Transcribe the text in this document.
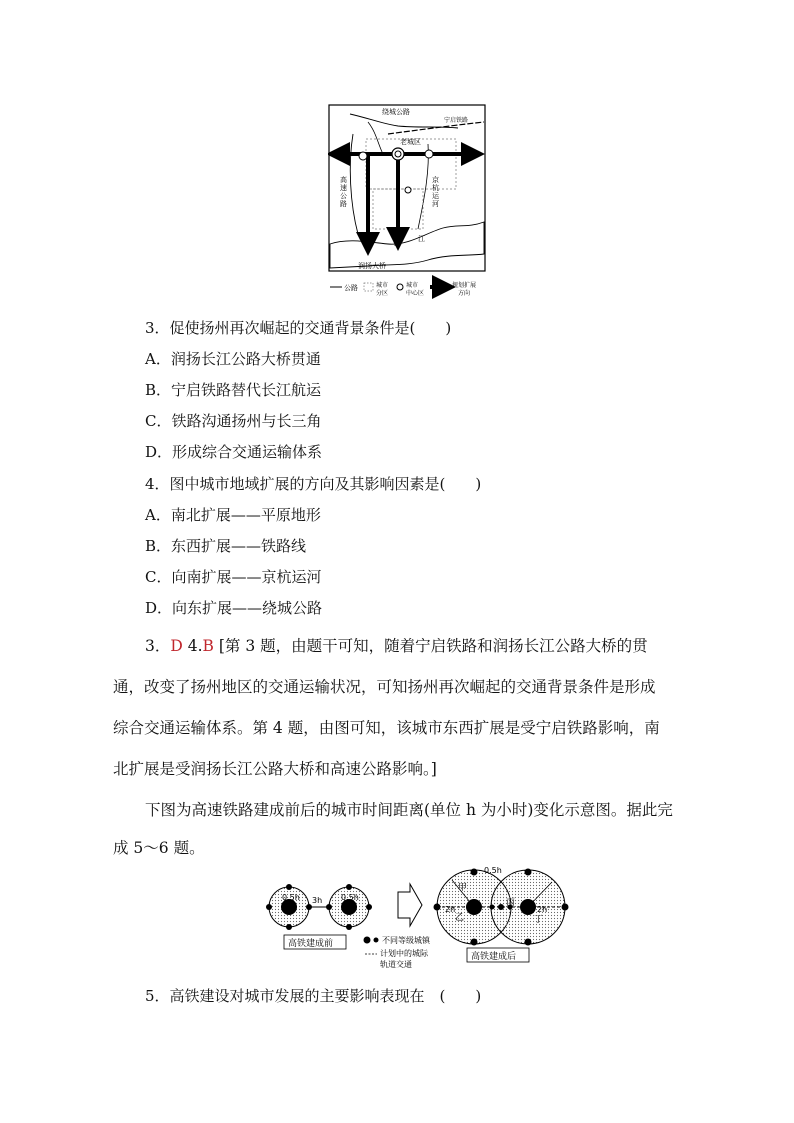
绕城公路
宁启铁路
老城区
高速公路
京杭运河
长	江
润扬大桥
公路	城市分区
城市中心区
规划扩展方向
3．促使扬州再次崛起的交通背景条件是(　　)
A．润扬长江公路大桥贯通
B．宁启铁路替代长江航运
C．铁路沟通扬州与长三角
D．形成综合交通运输体系
4．图中城市地域扩展的方向及其影响因素是(　　)
A．南北扩展——平原地形
B．东西扩展——铁路线
C．向南扩展——京杭运河
D．向东扩展——绕城公路
3．D 4.B [第 3 题，由题干可知，随着宁启铁路和润扬长江公路大桥的贯
通，改变了扬州地区的交通运输状况，可知扬州再次崛起的交通背景条件是形成
综合交通运输体系。第 4 题，由图可知，该城市东西扩展是受宁启铁路影响，南
北扩展是受润扬长江公路大桥和高速公路影响。]
下图为高速铁路建成前后的城市时间距离(单位 h 为小时)变化示意图。据此完
成 5～6 题。
0.5h	0.5h
3h
高铁建成前	不同等级城镇
计划中的城际
轨道交通
0.5h
2h	2h
甲
乙
丙
丁
高铁建成后
5．高铁建设对城市发展的主要影响表现在　(　　)
